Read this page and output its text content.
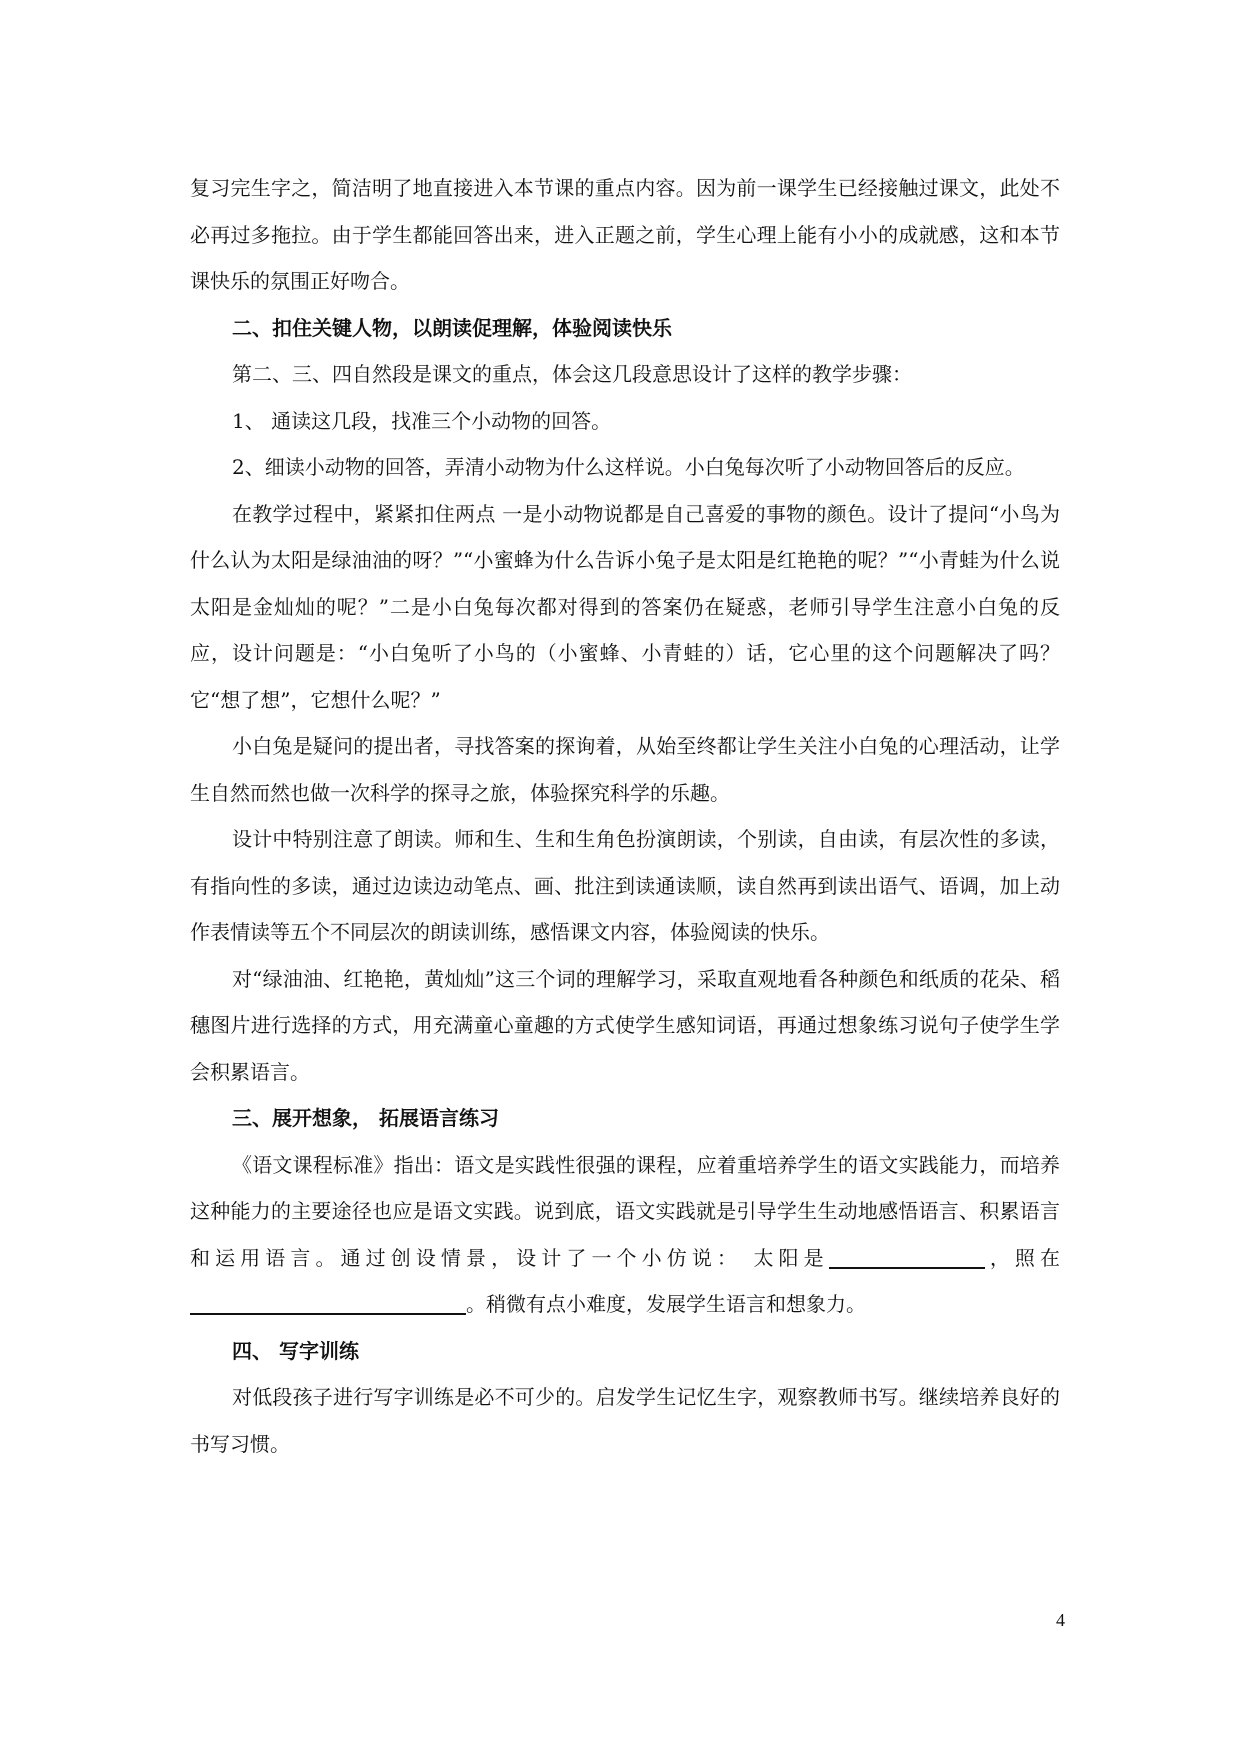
复习完生字之，简洁明了地直接进入本节课的重点内容。因为前一课学生已经接触过课文，此处不必再过多拖拉。由于学生都能回答出来，进入正题之前，学生心理上能有小小的成就感，这和本节课快乐的氛围正好吻合。

二、扣住关键人物，以朗读促理解，体验阅读快乐

第二、三、四自然段是课文的重点，体会这几段意思设计了这样的教学步骤：

1、 通读这几段，找准三个小动物的回答。

2、细读小动物的回答，弄清小动物为什么这样说。小白兔每次听了小动物回答后的反应。

在教学过程中，紧紧扣住两点 一是小动物说都是自己喜爱的事物的颜色。设计了提问“小鸟为什么认为太阳是绿油油的呀？”“小蜜蜂为什么告诉小兔子是太阳是红艳艳的呢？”“小青蛙为什么说太阳是金灿灿的呢？”二是小白兔每次都对得到的答案仍在疑惑，老师引导学生注意小白兔的反应，设计问题是：“小白兔听了小鸟的（小蜜蜂、小青蛙的）话，它心里的这个问题解决了吗？它“想了想”，它想什么呢？”

小白兔是疑问的提出者，寻找答案的探询着，从始至终都让学生关注小白兔的心理活动，让学生自然而然也做一次科学的探寻之旅，体验探究科学的乐趣。

设计中特别注意了朗读。师和生、生和生角色扮演朗读，个别读，自由读，有层次性的多读，有指向性的多读，通过边读边动笔点、画、批注到读通读顺，读自然再到读出语气、语调，加上动作表情读等五个不同层次的朗读训练，感悟课文内容，体验阅读的快乐。

对“绿油油、红艳艳，黄灿灿”这三个词的理解学习，采取直观地看各种颜色和纸质的花朵、稻穗图片进行选择的方式，用充满童心童趣的方式使学生感知词语，再通过想象练习说句子使学生学会积累语言。

三、展开想象， 拓展语言练习

《语文课程标准》指出：语文是实践性很强的课程，应着重培养学生的语文实践能力，而培养这种能力的主要途径也应是语文实践。说到底，语文实践就是引导学生生动地感悟语言、积累语言和运用语言。通过创设情景，设计了一个小仿说： 太阳是	，照在。稍微有点小难度，发展学生语言和想象力。

四、 写字训练

对低段孩子进行写字训练是必不可少的。启发学生记忆生字，观察教师书写。继续培养良好的书写习惯。

4
